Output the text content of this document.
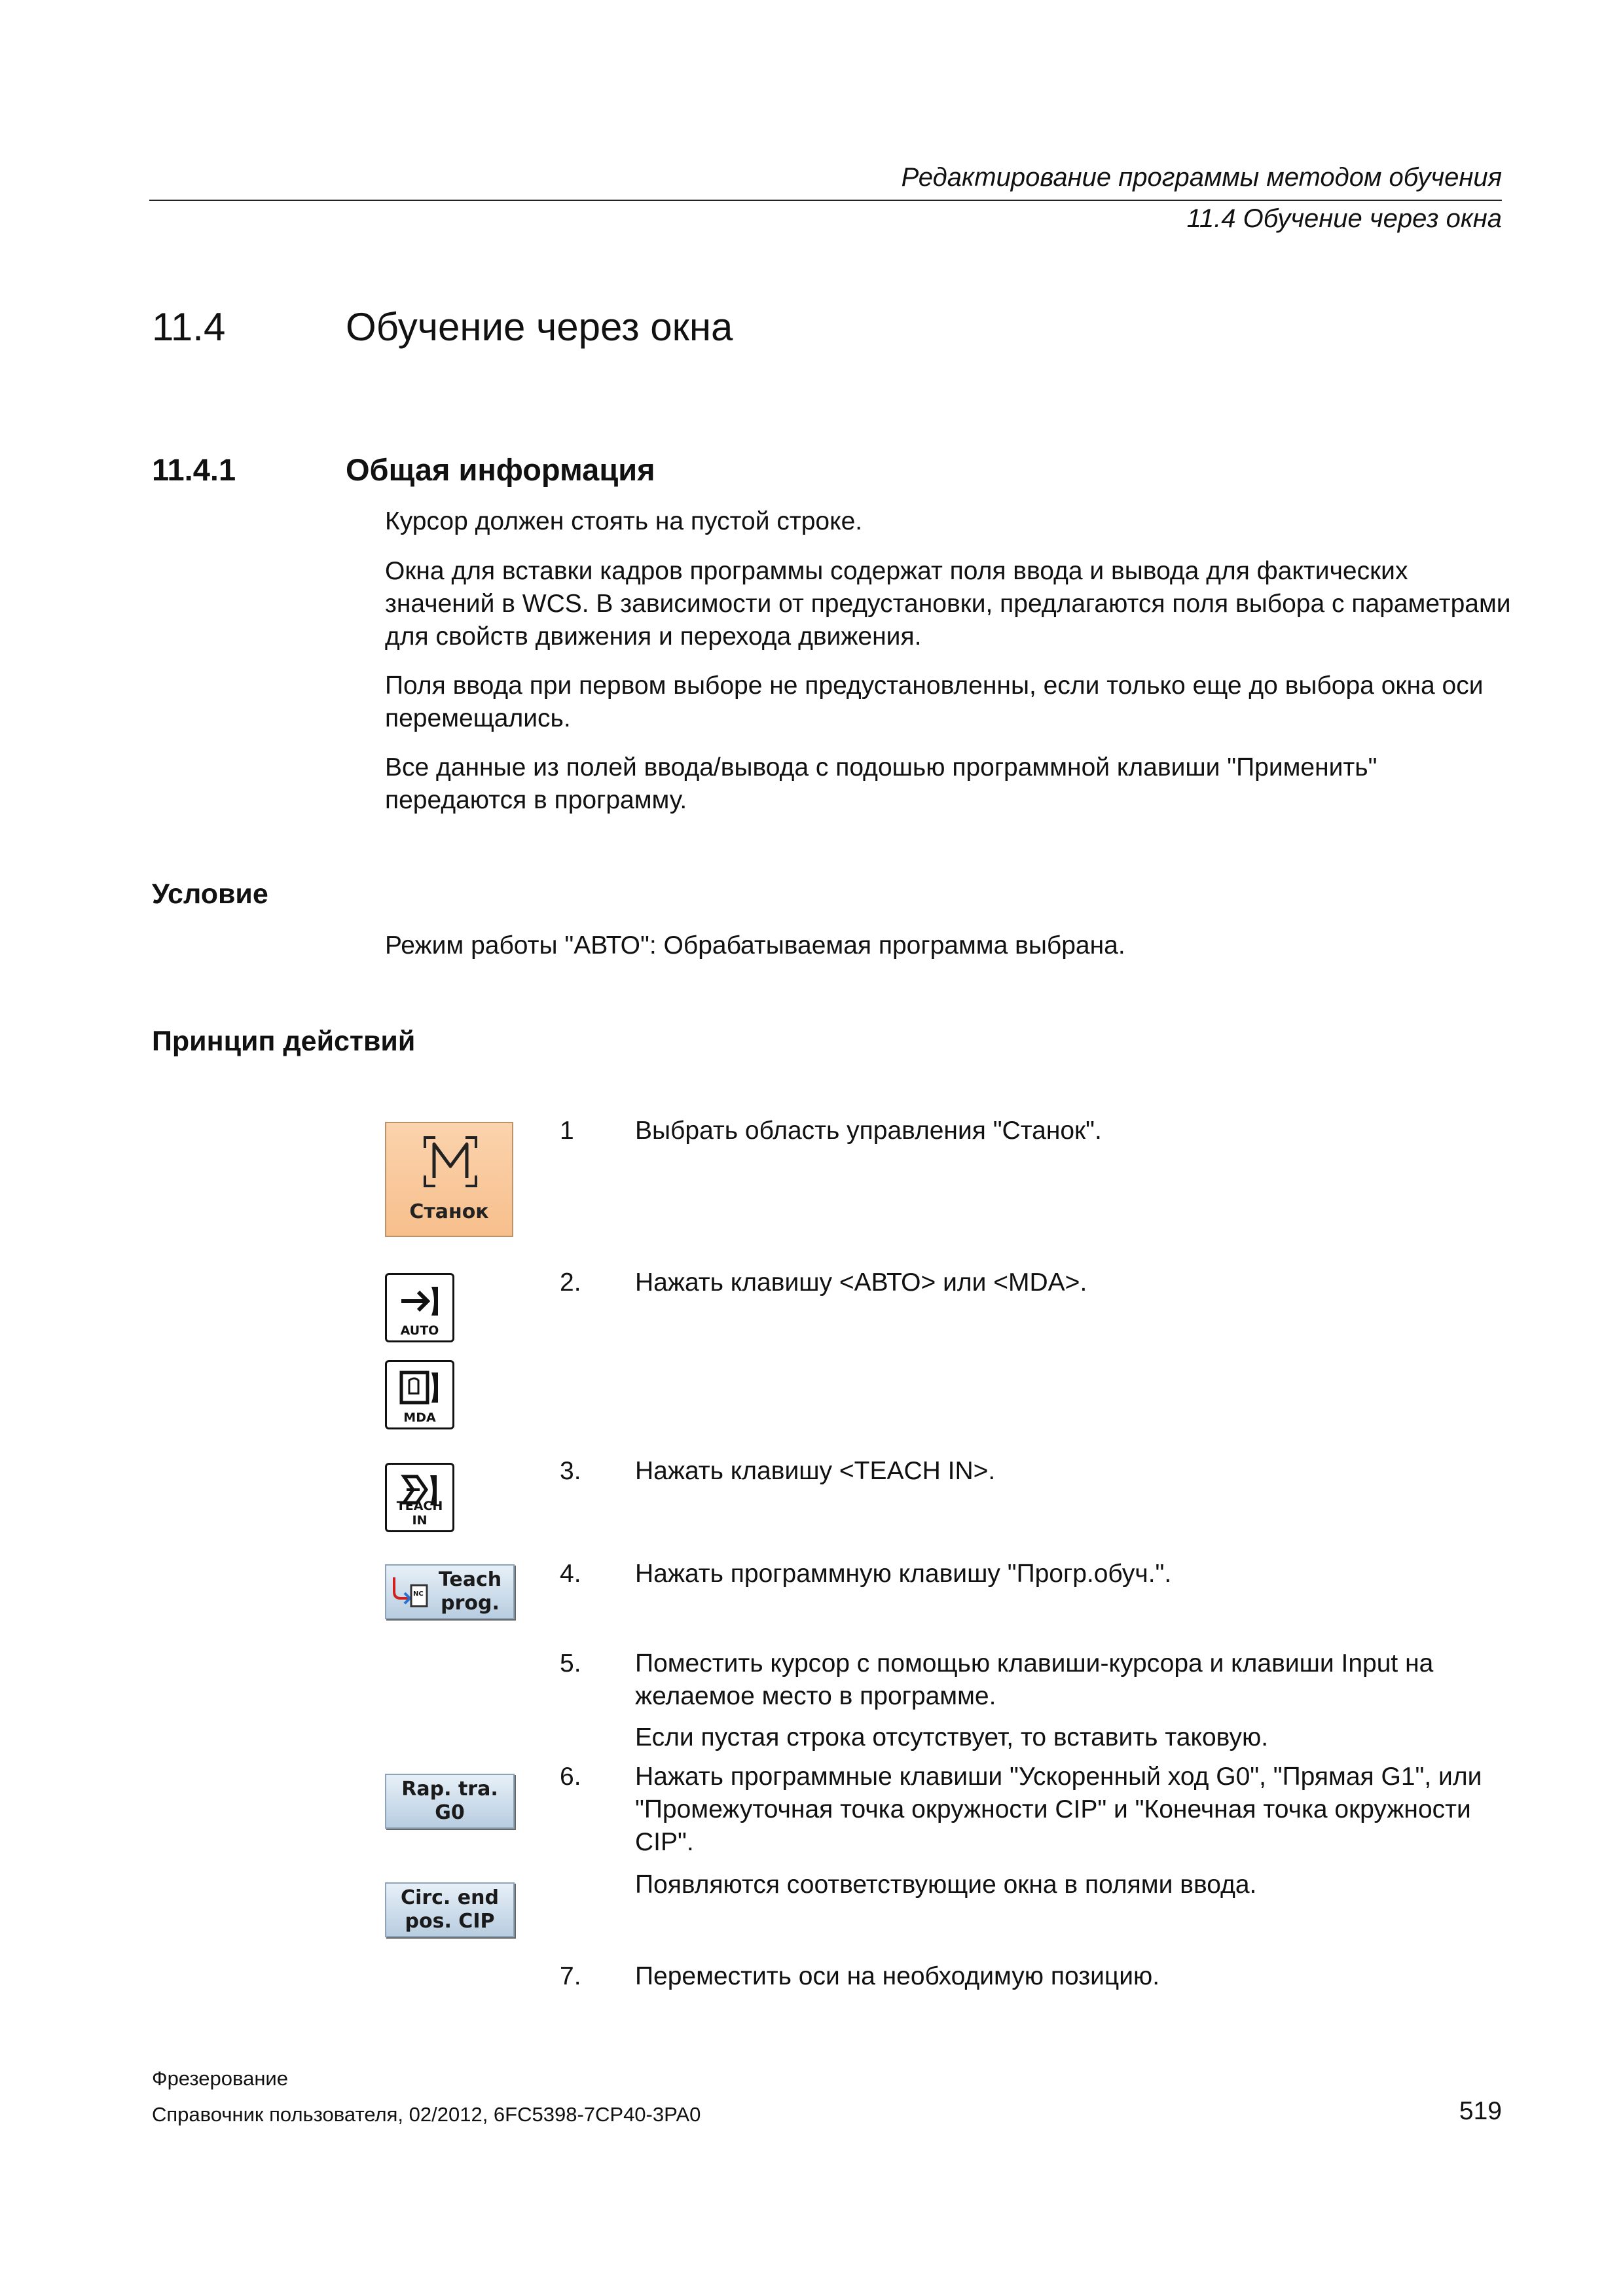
Редактирование программы методом обучения
11.4 Обучение через окна
11.4	Обучение через окна
11.4.1	Общая информация
Курсор должен стоять на пустой строке.
Окна для вставки кадров программы содержат поля ввода и вывода для фактических значений в WCS. В зависимости от предустановки, предлагаются поля выбора с параметрами для свойств движения и перехода движения.
Поля ввода при первом выборе не предустановленны, если только еще до выбора окна оси перемещались.
Все данные из полей ввода/вывода с подошью программной клавиши "Применить" передаются в программу.
Условие
Режим работы "АВТО": Обрабатываемая программа выбрана.
Принцип действий
Станок
AUTO
MDA
TEACH IN
NC
Teach
prog.
Rap. tra.
G0
Circ. end
pos. CIP
1 Выбрать область управления "Станок".
2. Нажать клавишу <АВТО> или <MDA>.
3. Нажать клавишу <TEACH IN>.
4. Нажать программную клавишу "Прогр.обуч.".
5. Поместить курсор с помощью клавиши-курсора и клавиши Input на желаемое место в программе.
Если пустая строка отсутствует, то вставить таковую.
6. Нажать программные клавиши "Ускоренный ход G0", "Прямая G1", или "Промежуточная точка окружности CIP" и "Конечная точка окружности CIP".
Появляются соответствующие окна в полями ввода.
7. Переместить оси на необходимую позицию.
Фрезерование
Справочник пользователя, 02/2012, 6FC5398-7CP40-3PA0	519
